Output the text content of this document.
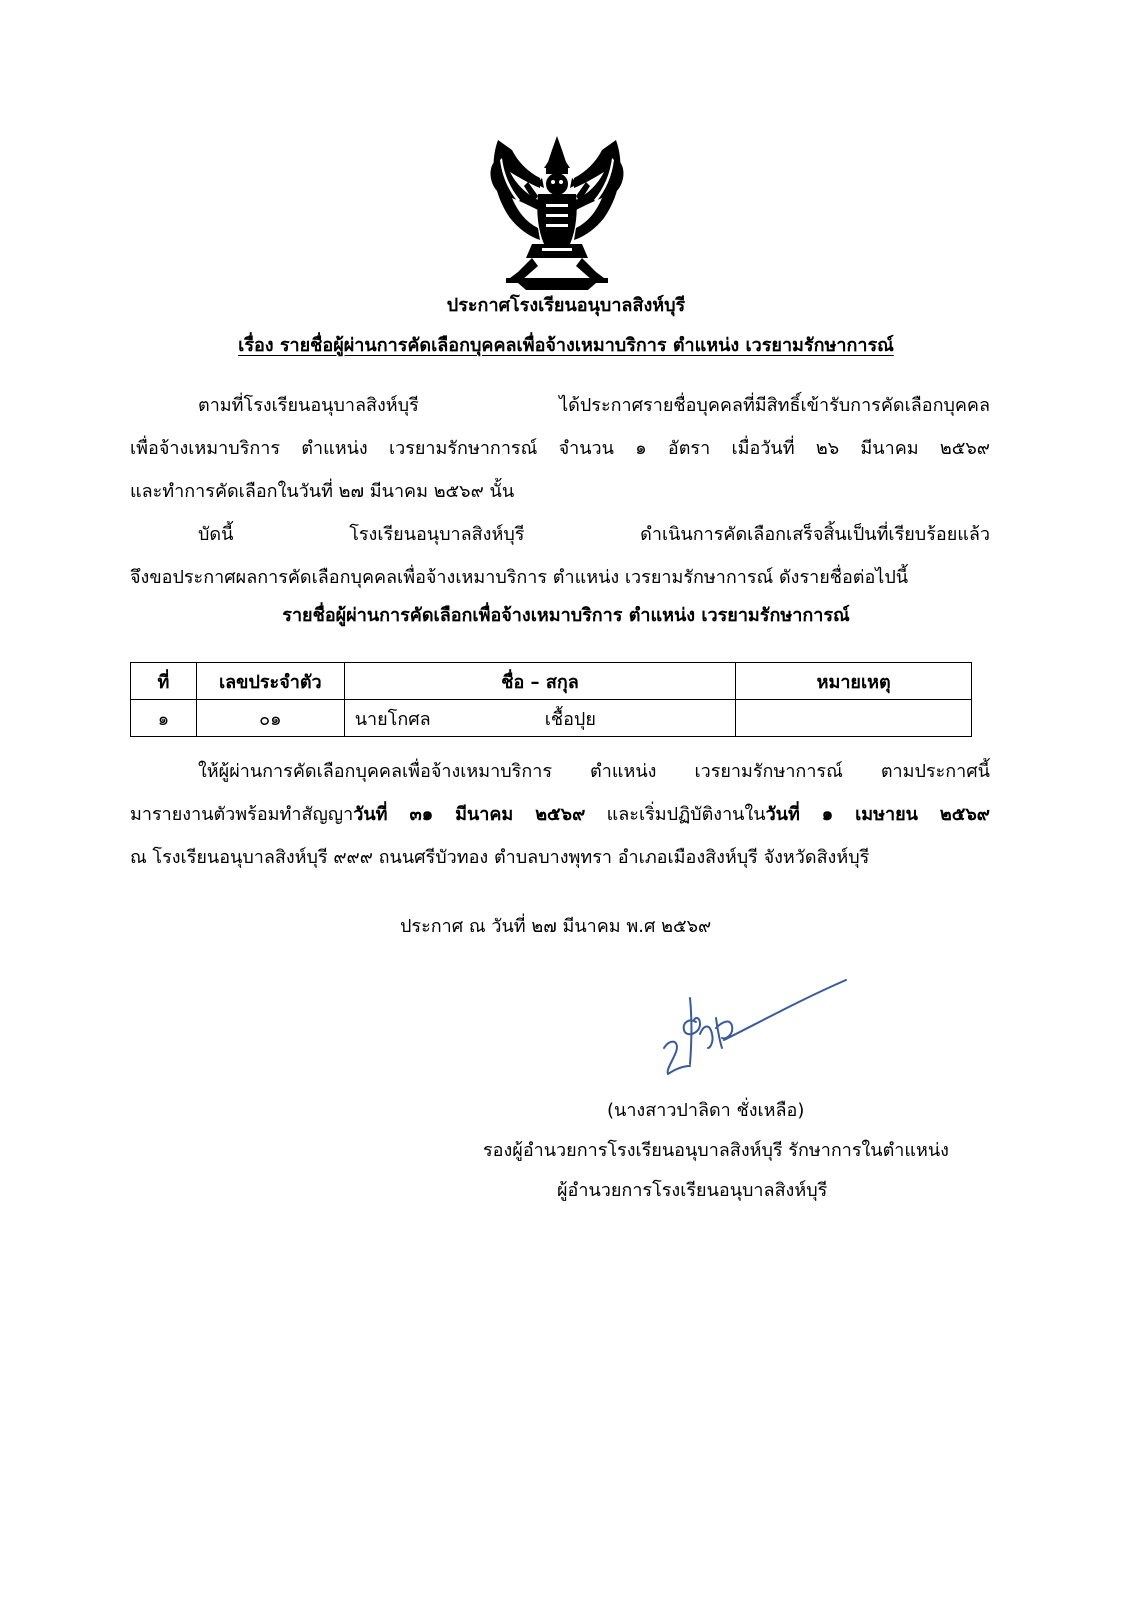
ประกาศโรงเรียนอนุบาลสิงห์บุรี
เรื่อง รายชื่อผู้ผ่านการคัดเลือกบุคคลเพื่อจ้างเหมาบริการ ตำแหน่ง เวรยามรักษาการณ์
ตามที่โรงเรียนอนุบาลสิงห์บุรี ได้ประกาศรายชื่อบุคคลที่มีสิทธิ์เข้ารับการคัดเลือกบุคคล
เพื่อจ้างเหมาบริการ ตำแหน่ง เวรยามรักษาการณ์ จำนวน ๑ อัตรา เมื่อวันที่ ๒๖ มีนาคม ๒๕๖๙
และทำการคัดเลือกในวันที่ ๒๗ มีนาคม ๒๕๖๙ นั้น
บัดนี้ โรงเรียนอนุบาลสิงห์บุรี ดำเนินการคัดเลือกเสร็จสิ้นเป็นที่เรียบร้อยแล้ว
จึงขอประกาศผลการคัดเลือกบุคคลเพื่อจ้างเหมาบริการ ตำแหน่ง เวรยามรักษาการณ์ ดังรายชื่อต่อไปนี้
รายชื่อผู้ผ่านการคัดเลือกเพื่อจ้างเหมาบริการ ตำแหน่ง เวรยามรักษาการณ์
ที่	เลขประจำตัว	ชื่อ – สกุล	หมายเหตุ
๑	๐๑	นายโกศล เชื้อปุย	
ให้ผู้ผ่านการคัดเลือกบุคคลเพื่อจ้างเหมาบริการ ตำแหน่ง เวรยามรักษาการณ์ ตามประกาศนี้
มารายงานตัวพร้อมทำสัญญาวันที่ ๓๑ มีนาคม ๒๕๖๙ และเริ่มปฏิบัติงานในวันที่ ๑ เมษายน ๒๕๖๙
ณ โรงเรียนอนุบาลสิงห์บุรี ๙๙๙ ถนนศรีบัวทอง ตำบลบางพุทรา อำเภอเมืองสิงห์บุรี จังหวัดสิงห์บุรี
ประกาศ ณ วันที่ ๒๗ มีนาคม พ.ศ ๒๕๖๙
(นางสาวปาลิดา ชั่งเหลือ)
รองผู้อำนวยการโรงเรียนอนุบาลสิงห์บุรี รักษาการในตำแหน่ง
ผู้อำนวยการโรงเรียนอนุบาลสิงห์บุรี
